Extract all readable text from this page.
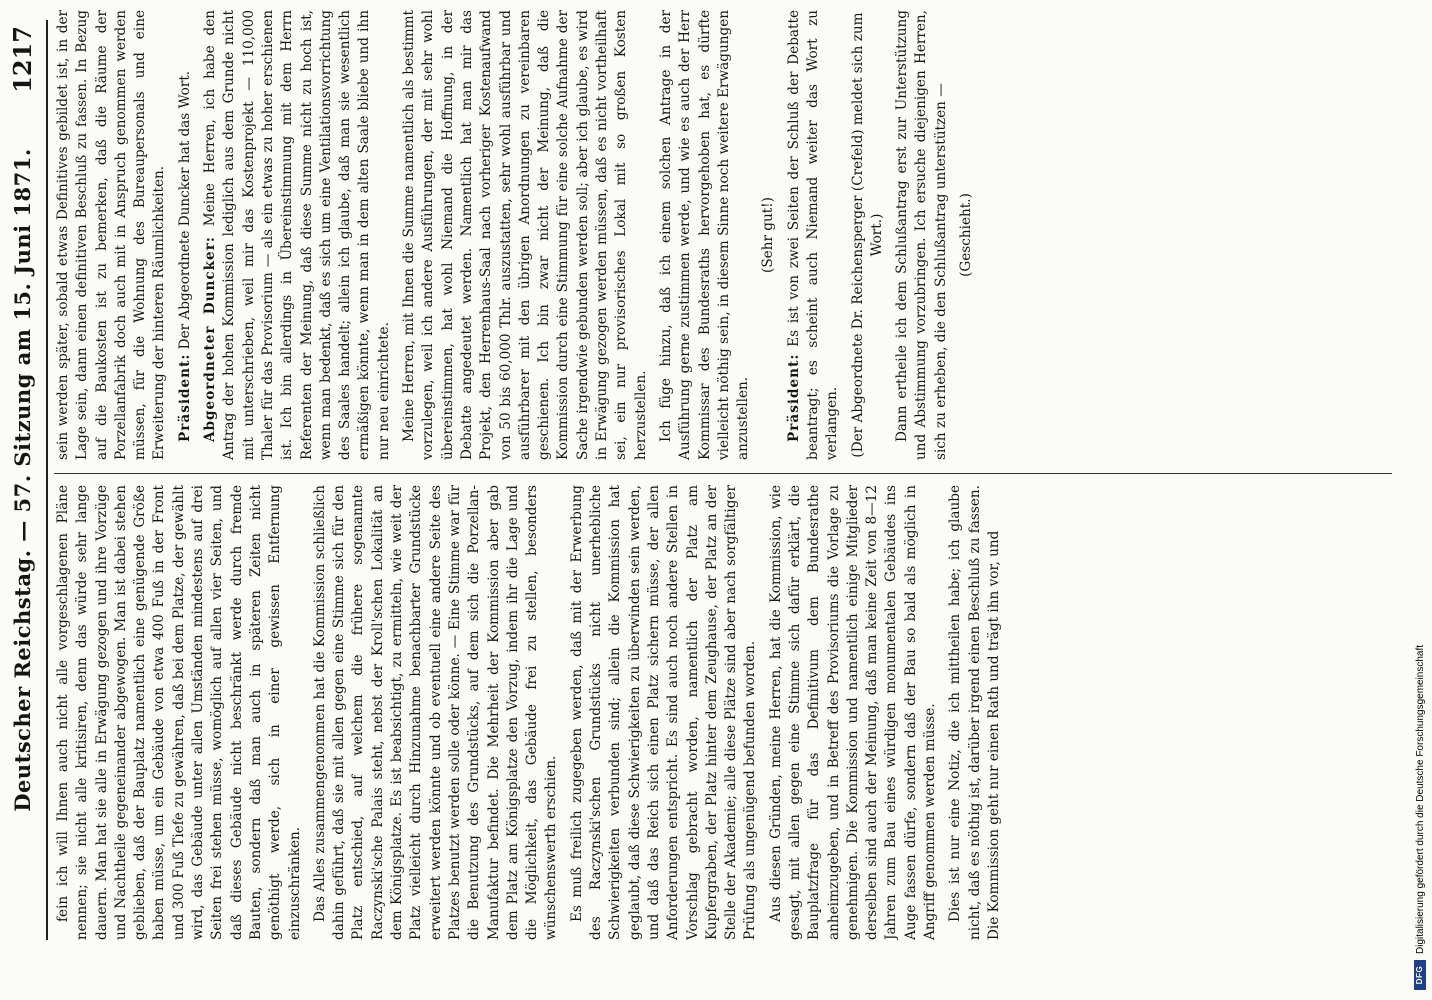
Deutscher Reichstag. — 57. Sitzung am 15. Juni 1871.
1217

fein ich will Ihnen auch nicht alle vorgeschlagenen Pläne nennen; sie nicht alle kritisiren, denn das würde sehr lange dauern. Man hat sie alle in Erwägung gezogen und ihre Vorzüge und Nachtheile gegeneinander abgewogen. Man ist dabei stehen geblieben, daß der Bauplatz namentlich eine genügende Größe haben müsse, um ein Gebäude von etwa 400 Fuß in der Front und 300 Fuß Tiefe zu gewähren, daß bei dem Platze, der gewählt wird, das Gebäude unter allen Umständen mindestens auf drei Seiten frei stehen müsse, womöglich auf allen vier Seiten, und daß dieses Gebäude nicht beschränkt werde durch fremde Bauten, sondern daß man auch in späteren Zeiten nicht genöthigt werde, sich in einer gewissen Entfernung einzuschränken. Das Alles zusammengenommen hat die Kommission schließlich dahin geführt, daß sie mit allen gegen eine Stimme sich für den Platz entschied, auf welchem die frühere sogenannte Raczynski'sche Palais steht, nebst der Kroll'schen Lokalität an dem Königsplatze. Es ist beabsichtigt, zu ermitteln, wie weit der Platz vielleicht durch Hinzunahme benachbarter Grundstücke erweitert werden könnte und ob eventuell eine andere Seite des Platzes benutzt werden solle oder könne. — Eine Stimme war für die Benutzung des Grundstücks, auf dem sich die Porzellan-Manufaktur befindet. Die Mehrheit der Kommission aber gab dem Platz am Königsplatze den Vorzug, indem ihr die Lage und die Möglichkeit, das Gebäude frei zu stellen, besonders wünschenswerth erschien. Es muß freilich zugegeben werden, daß mit der Erwerbung des Raczynski'schen Grundstücks nicht unerhebliche Schwierigkeiten verbunden sind; allein die Kommission hat geglaubt, daß diese Schwierigkeiten zu überwinden sein werden, und daß das Reich sich einen Platz sichern müsse, der allen Anforderungen entspricht. Es sind auch noch andere Stellen in Vorschlag gebracht worden, namentlich der Platz am Kupfergraben, der Platz hinter dem Zeughause, der Platz an der Stelle der Akademie; alle diese Plätze sind aber nach sorgfältiger Prüfung als ungenügend befunden worden. Aus diesen Gründen, meine Herren, hat die Kommission, wie gesagt, mit allen gegen eine Stimme sich dafür erklärt, die Bauplatzfrage für das Definitivum dem Bundesrathe anheimzugeben, und in Betreff des Provisoriums die Vorlage zu genehmigen. Die Kommission und namentlich einige Mitglieder derselben sind auch der Meinung, daß man keine Zeit von 8—12 Jahren zum Bau eines würdigen monumentalen Gebäudes ins Auge fassen dürfe, sondern daß der Bau so bald als möglich in Angriff genommen werden müsse. Dies ist nur eine Notiz, die ich mittheilen habe; ich glaube nicht, daß es nöthig ist, darüber irgend einen Beschluß zu fassen. Die Kommission geht nur einen Rath und trägt ihn vor, und

sein werden später, sobald etwas Definitives gebildet ist, in der Lage sein, dann einen definitiven Beschluß zu fassen. In Bezug auf die Baukosten ist zu bemerken, daß die Räume der Porzellanfabrik doch auch mit in Anspruch genommen werden müssen, für die Wohnung des Bureaupersonals und eine Erweiterung der hinteren Räumlichkeiten. Präsident: Der Abgeordnete Duncker hat das Wort. Abgeordneter Duncker: Meine Herren, ich habe den Antrag der hohen Kommission lediglich aus dem Grunde nicht mit unterschrieben, weil mir das Kostenprojekt — 110,000 Thaler für das Provisorium — als ein etwas zu hoher erschienen ist. Ich bin allerdings in Übereinstimmung mit dem Herrn Referenten der Meinung, daß diese Summe nicht zu hoch ist, wenn man bedenkt, daß es sich um eine Ventilationsvorrichtung des Saales handelt; allein ich glaube, daß man sie wesentlich ermäßigen könnte, wenn man in dem alten Saale bliebe und ihn nur neu einrichtete. Meine Herren, mit Ihnen die Summe namentlich als bestimmt vorzulegen, weil ich andere Ausführungen, der mit sehr wohl übereinstimmen, hat wohl Niemand die Hoffnung, in der Debatte angedeutet werden. Namentlich hat man mir das Projekt, den Herrenhaus-Saal nach vorheriger Kostenaufwand von 50 bis 60,000 Thlr. auszustatten, sehr wohl ausführbar und ausführbarer mit den übrigen Anordnungen zu vereinbaren geschienen. Ich bin zwar nicht der Meinung, daß die Kommission durch eine Stimmung für eine solche Aufnahme der Sache irgendwie gebunden werden soll; aber ich glaube, es wird in Erwägung gezogen werden müssen, daß es nicht vortheilhaft sei, ein nur provisorisches Lokal mit so großen Kosten herzustellen. Ich füge hinzu, daß ich einem solchen Antrage in der Ausführung gerne zustimmen werde, und wie es auch der Herr Kommissar des Bundesraths hervorgehoben hat, es dürfte vielleicht nöthig sein, in diesem Sinne noch weitere Erwägungen anzustellen.

(Sehr gut!)

Präsident: Es ist von zwei Seiten der Schluß der Debatte beantragt; es scheint auch Niemand weiter das Wort zu verlangen. (Der Abgeordnete Dr. Reichensperger (Crefeld) meldet sich zum Wort.) Dann ertheile ich dem Schlußantrag erst zur Unterstützung und Abstimmung vorzubringen. Ich ersuche diejenigen Herren, sich zu erheben, die den Schlußantrag unterstützen — (Geschieht.)

DFG
Digitalisierung gefördert durch die Deutsche Forschungsgemeinschaft
